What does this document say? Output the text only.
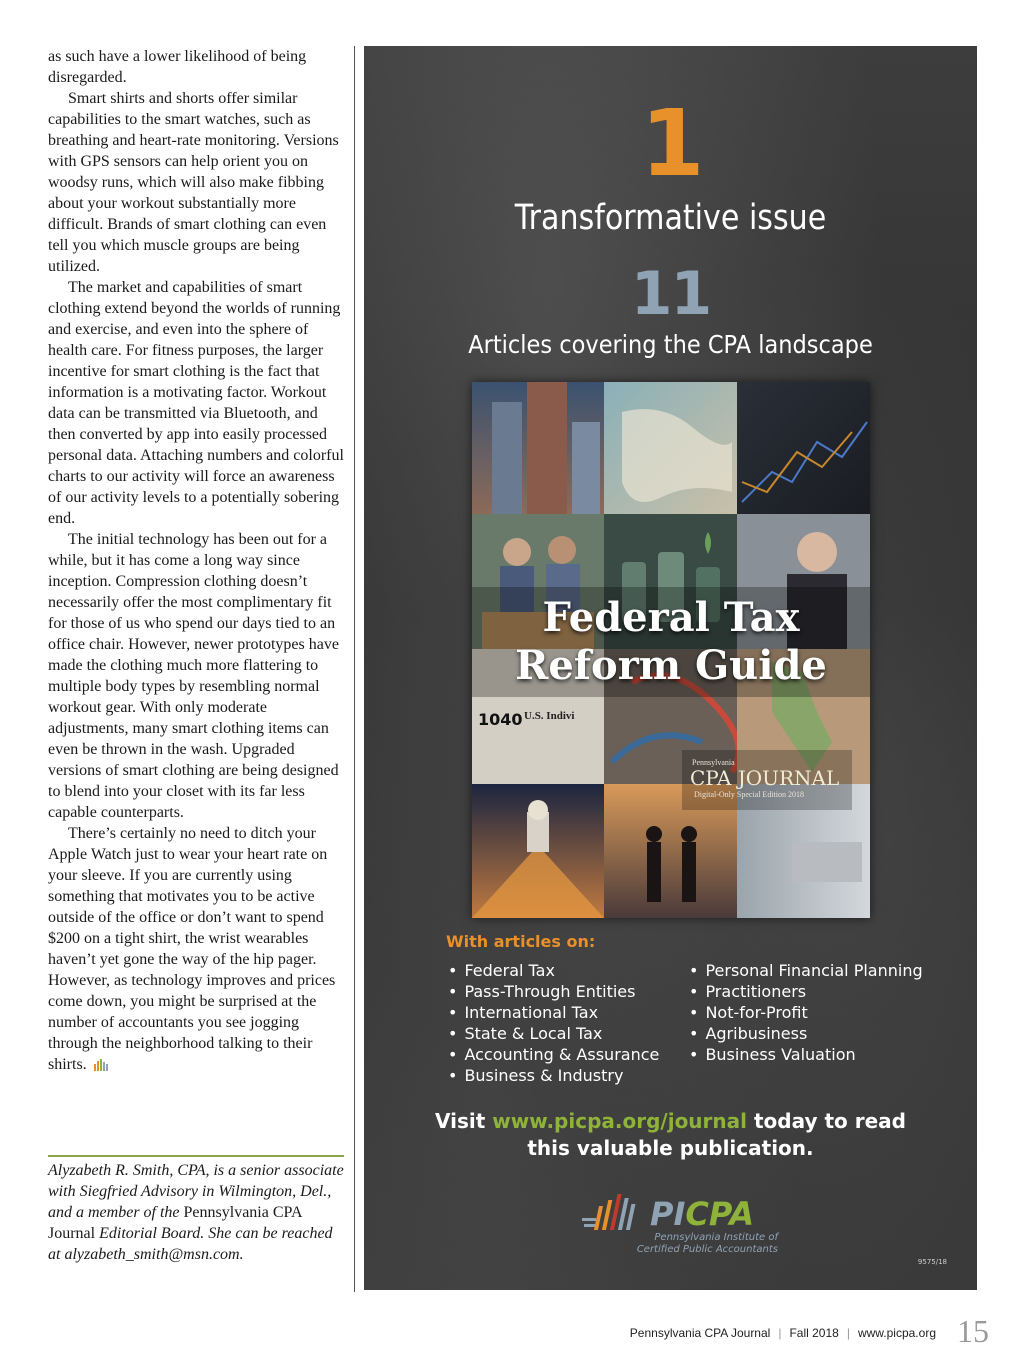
as such have a lower likelihood of being disregarded.

Smart shirts and shorts offer similar capabilities to the smart watches, such as breathing and heart-rate monitoring. Versions with GPS sensors can help orient you on woodsy runs, which will also make fibbing about your workout substantially more difficult. Brands of smart clothing can even tell you which muscle groups are being utilized.

The market and capabilities of smart clothing extend beyond the worlds of running and exercise, and even into the sphere of health care. For fitness purposes, the larger incentive for smart clothing is the fact that information is a motivating factor. Workout data can be transmitted via Bluetooth, and then converted by app into easily processed personal data. Attaching numbers and colorful charts to our activity will force an awareness of our activity levels to a potentially sobering end.

The initial technology has been out for a while, but it has come a long way since inception. Compression clothing doesn’t necessarily offer the most complimentary fit for those of us who spend our days tied to an office chair. However, newer prototypes have made the clothing much more flattering to multiple body types by resembling normal workout gear. With only moderate adjustments, many smart clothing items can even be thrown in the wash. Upgraded versions of smart clothing are being designed to blend into your closet with its far less capable counterparts.

There’s certainly no need to ditch your Apple Watch just to wear your heart rate on your sleeve. If you are currently using something that motivates you to be active outside of the office or don’t want to spend $200 on a tight shirt, the wrist wearables haven’t yet gone the way of the hip pager. However, as technology improves and prices come down, you might be surprised at the number of accountants you see jogging through the neighborhood talking to their shirts.

Alyzabeth R. Smith, CPA, is a senior associate with Siegfried Advisory in Wilmington, Del., and a member of the Pennsylvania CPA Journal Editorial Board. She can be reached at alyzabeth_smith@msn.com.
1
Transformative issue
11
Articles covering the CPA landscape
1040 U.S. Indivi
Federal Tax
Reform Guide
Pennsylvania
CPA JOURNAL
Digital-Only Special Edition 2018
With articles on:
• Federal Tax
• Pass-Through Entities
• International Tax
• State & Local Tax
• Accounting & Assurance
• Business & Industry
• Personal Financial Planning
• Practitioners
• Not-for-Profit
• Agribusiness
• Business Valuation
Visit www.picpa.org/journal today to read
this valuable publication.
PICPA
Pennsylvania Institute of
Certified Public Accountants
9575/18
Pennsylvania CPA Journal | Fall 2018 | www.picpa.org 15
